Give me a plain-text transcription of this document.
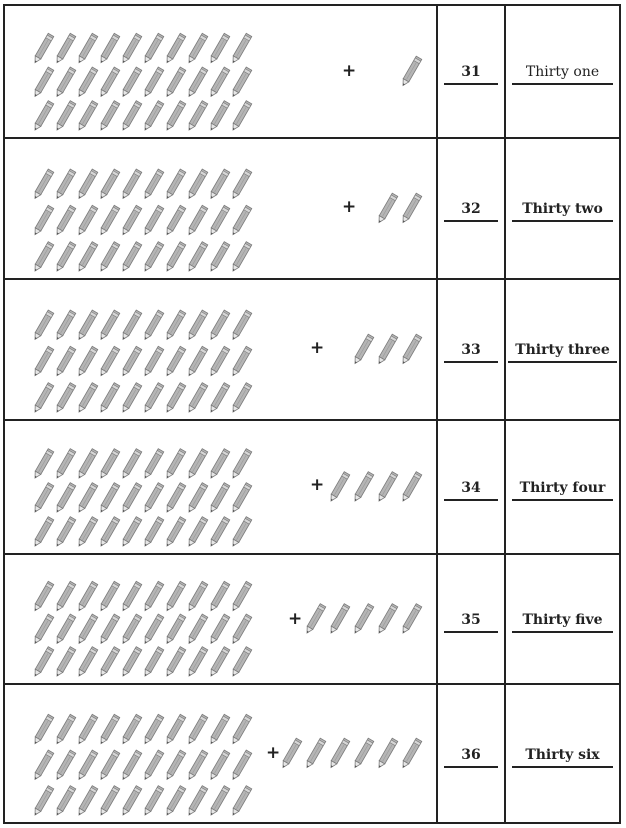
+	31	Thirty one
+	32	Thirty two
+	33	Thirty three
+	34	Thirty four
+	35	Thirty five
+	36	Thirty six
